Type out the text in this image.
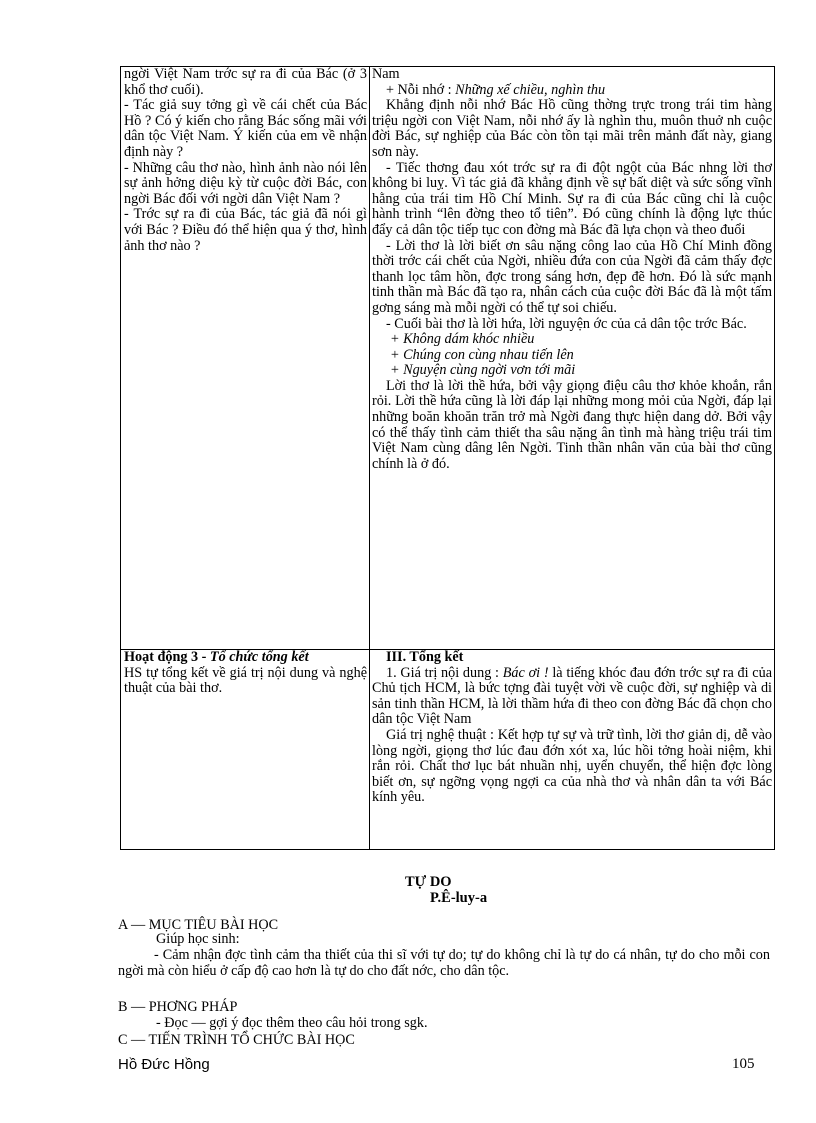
ngời Việt Nam trớc sự ra đi của Bác (ở 3 khổ thơ cuối).

- Tác giả suy tởng gì về cái chết của Bác Hồ ? Có ý kiến cho rằng Bác sống mãi với dân tộc Việt Nam. Ý kiến của em về nhận định này ?

- Những câu thơ nào, hình ảnh nào nói lên sự ảnh hởng diệu kỳ từ cuộc đời Bác, con ngời Bác đối với ngời dân Việt Nam ?

- Trớc sự ra đi của Bác, tác giả đã nói gì với Bác ? Điều đó thể hiện qua ý thơ, hình ảnh thơ nào ?

Nam

+ Nỗi nhớ : Những xế chiều, nghìn thu

Khẳng định nỗi nhớ Bác Hồ cũng thờng trực trong trái tim hàng triệu ngời con Việt Nam, nỗi nhớ ấy là nghìn thu, muôn thuở nh cuộc đời Bác, sự nghiệp của Bác còn tồn tại mãi trên mảnh đất này, giang sơn này.

- Tiếc thơng đau xót trớc sự ra đi đột ngột của Bác nhng lời thơ không bi luỵ. Vì tác giả đã khẳng định về sự bất diệt và sức sống vĩnh hằng của trái tim Hồ Chí Minh. Sự ra đi của Bác cũng chỉ là cuộc hành trình “lên đờng theo tổ tiên”. Đó cũng chính là động lực thúc đẩy cả dân tộc tiếp tục con đờng mà Bác đã lựa chọn và theo đuổi

- Lời thơ là lời biết ơn sâu nặng công lao của Hồ Chí Minh đồng thời trớc cái chết của Ngời, nhiều đứa con của Ngời đã cảm thấy đợc thanh lọc tâm hồn, đợc trong sáng hơn, đẹp đẽ hơn. Đó là sức mạnh tinh thần mà Bác đã tạo ra, nhân cách của cuộc đời Bác đã là một tấm gơng sáng mà mỗi ngời có thể tự soi chiếu.

- Cuối bài thơ là lời hứa, lời nguyện ớc của cả dân tộc trớc Bác.

+ Không dám khóc nhiều

+ Chúng con cùng nhau tiến lên

+ Nguyện cùng ngời vơn tới mãi

Lời thơ là lời thề hứa, bởi vậy giọng điệu câu thơ khỏe khoắn, rắn rỏi. Lời thề hứa cũng là lời đáp lại những mong mỏi của Ngời, đáp lại những boăn khoăn trăn trở mà Ngời đang thực hiện dang dở. Bởi vậy có thể thấy tình cảm thiết tha sâu nặng ân tình mà hàng triệu trái tim Việt Nam cùng dâng lên Ngời. Tinh thần nhân văn của bài thơ cũng chính là ở đó.

Hoạt động 3 - Tổ chức tổng kết

HS tự tổng kết về giá trị nội dung và nghệ thuật của bài thơ.

III. Tổng kết

1. Giá trị nội dung : Bác ơi ! là tiếng khóc đau đớn trớc sự ra đi của Chủ tịch HCM, là bức tợng đài tuyệt vời về cuộc đời, sự nghiệp và di sản tinh thần HCM, là lời thầm hứa đi theo con đờng Bác đã chọn cho dân tộc Việt Nam

Giá trị nghệ thuật : Kết hợp tự sự và trữ tình, lời thơ giản dị, dễ vào lòng ngời, giọng thơ lúc đau đớn xót xa, lúc hồi tởng hoài niệm, khi rắn rỏi. Chất thơ lục bát nhuần nhị, uyển chuyển, thể hiện đợc lòng biết ơn, sự ngỡng vọng ngợi ca của nhà thơ và nhân dân ta với Bác kính yêu.

TỰ DO
P.Ê-luy-a
A — MỤC TIÊU BÀI HỌC
Giúp học sinh:
- Cảm nhận đợc tình cảm tha thiết của thi sĩ với tự do; tự do không chỉ là tự do cá nhân, tự do cho mỗi con ngời mà còn hiểu ở cấp độ cao hơn là tự do cho đất nớc, cho dân tộc.
B — PHƠNG PHÁP
- Đọc — gợi ý đọc thêm theo câu hỏi trong sgk.
C — TIẾN TRÌNH TỔ CHỨC BÀI HỌC
Hồ Đức Hồng	105
